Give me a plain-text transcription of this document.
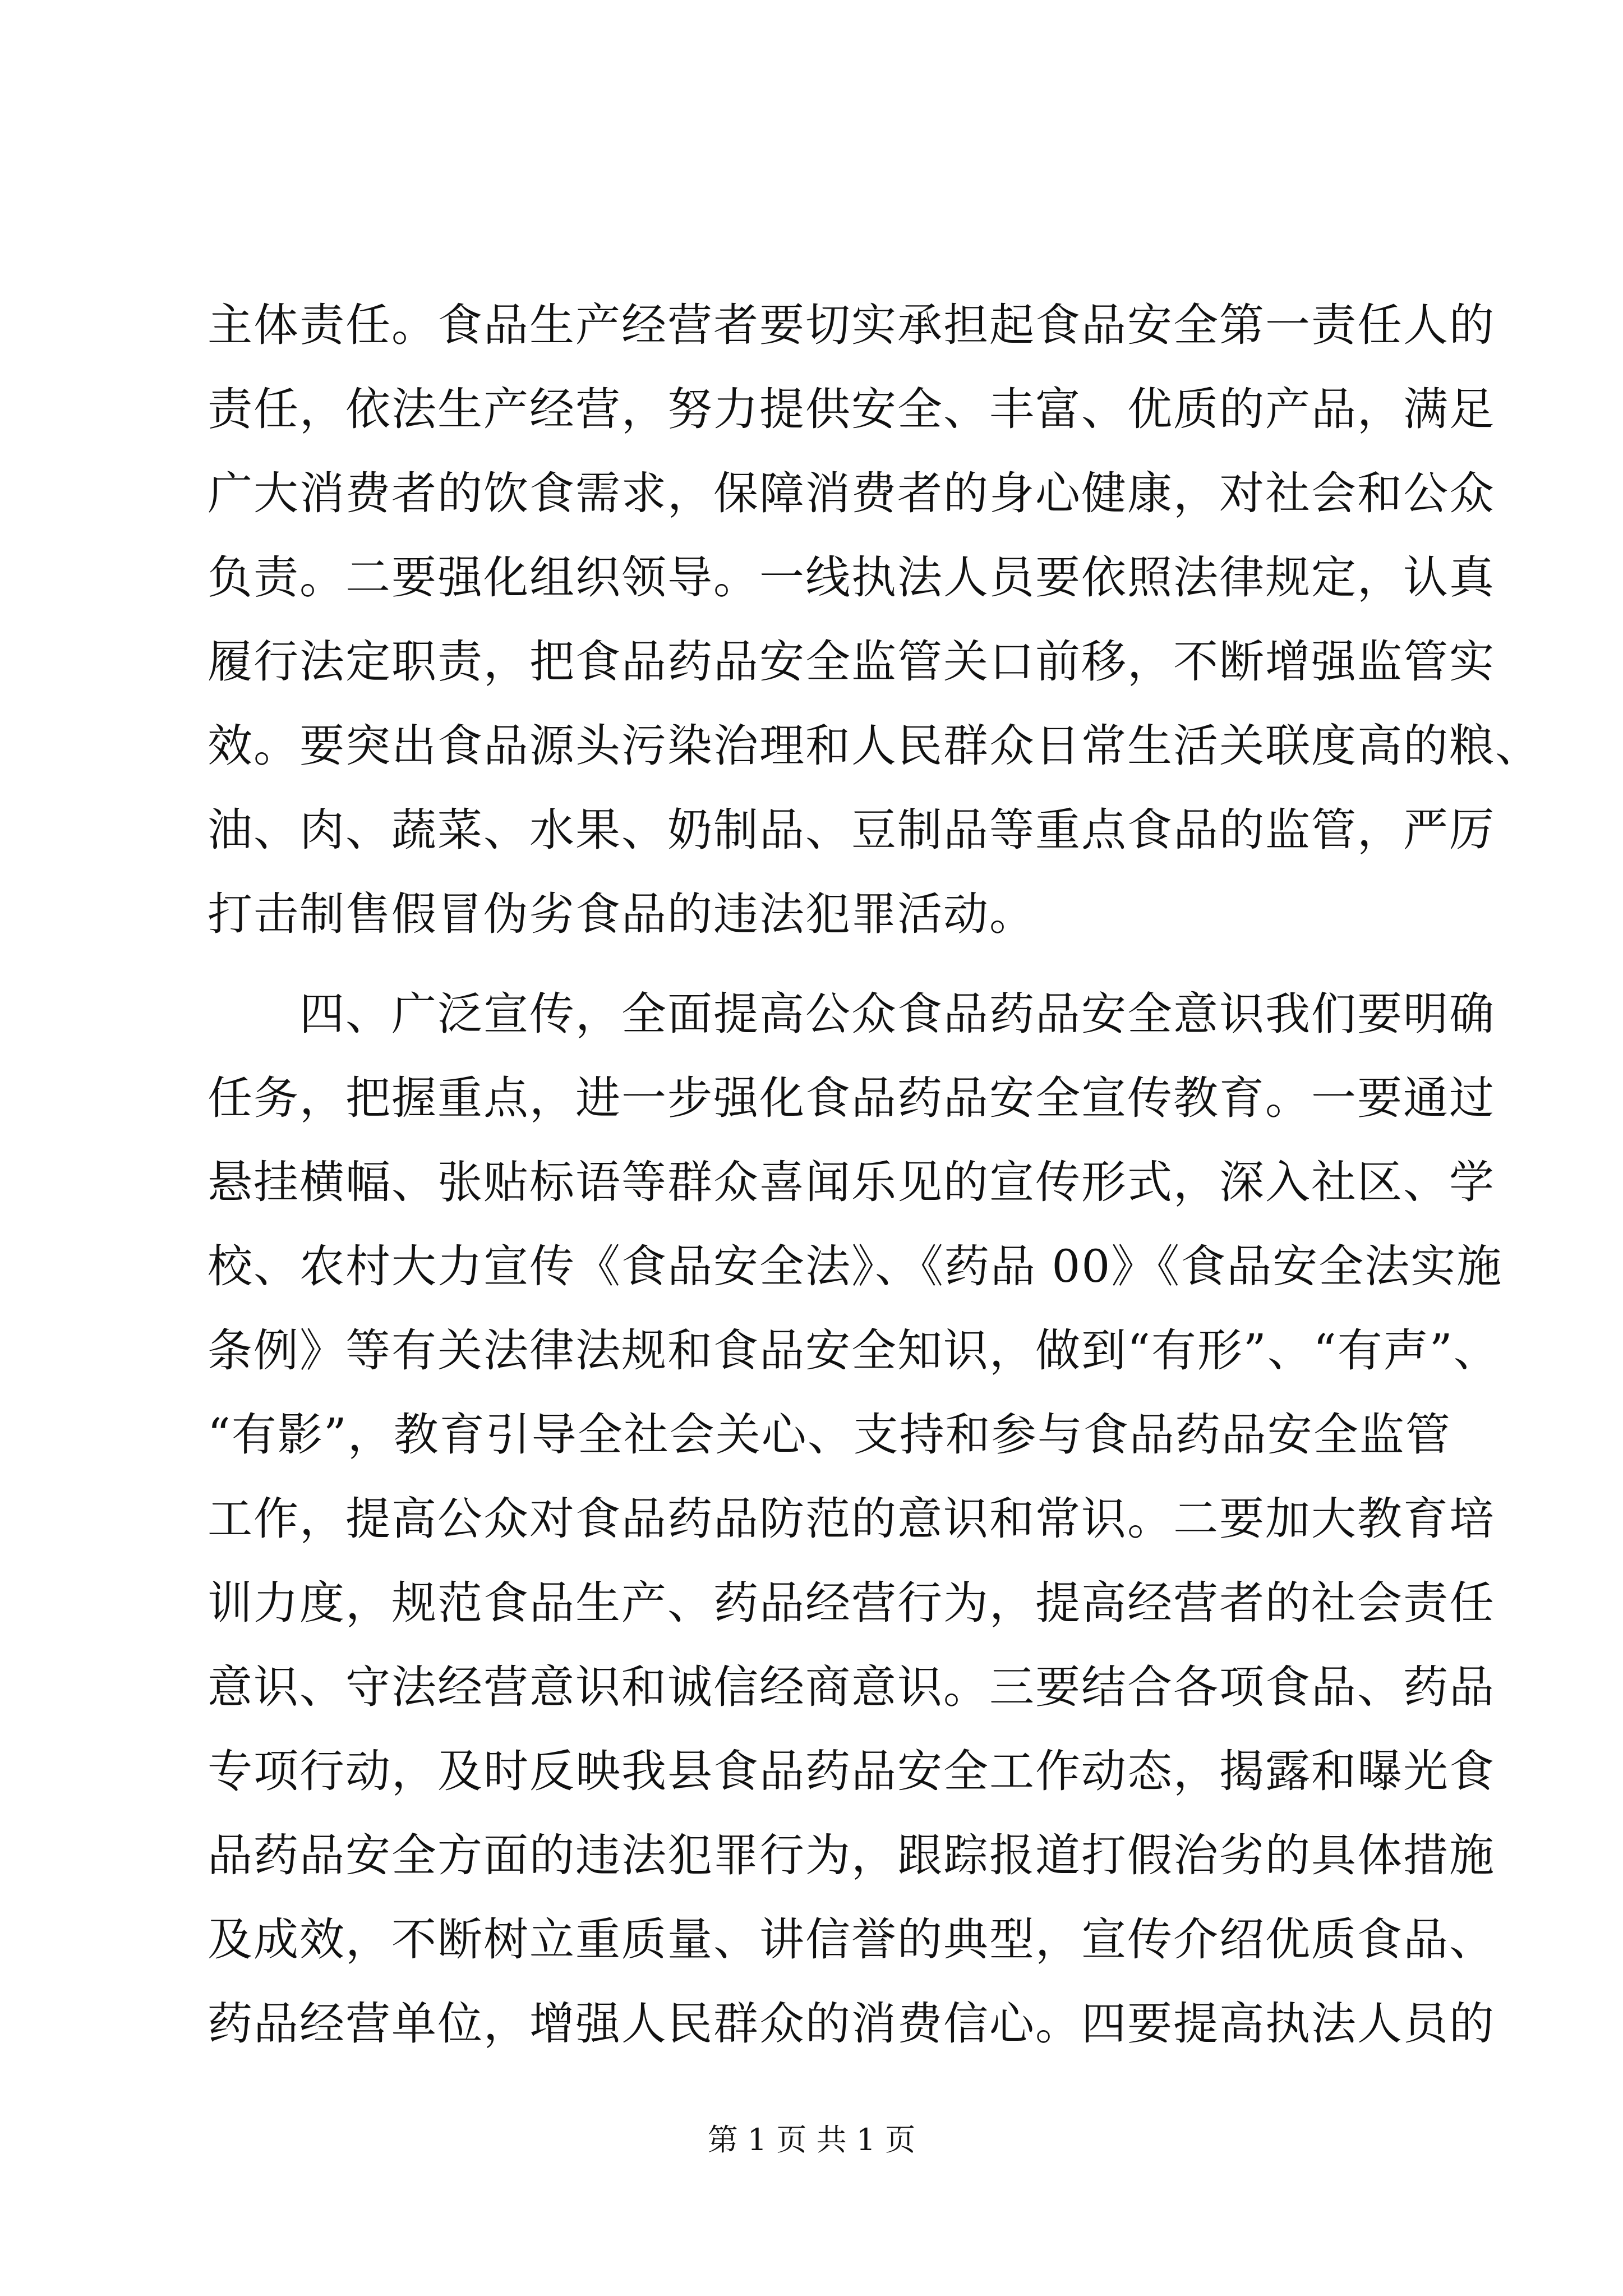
主体责任。食品生产经营者要切实承担起食品安全第一责任人的
责任，依法生产经营，努力提供安全、丰富、优质的产品，满足
广大消费者的饮食需求，保障消费者的身心健康，对社会和公众
负责。二要强化组织领导。一线执法人员要依照法律规定，认真
履行法定职责，把食品药品安全监管关口前移，不断增强监管实
效。要突出食品源头污染治理和人民群众日常生活关联度高的粮、
油、肉、蔬菜、水果、奶制品、豆制品等重点食品的监管，严厉
打击制售假冒伪劣食品的违法犯罪活动。
　　四、广泛宣传，全面提高公众食品药品安全意识我们要明确
任务，把握重点，进一步强化食品药品安全宣传教育。一要通过
悬挂横幅、张贴标语等群众喜闻乐见的宣传形式，深入社区、学
校、农村大力宣传《食品安全法》、《药品 00》《食品安全法实施
条例》等有关法律法规和食品安全知识，做到“有形”、“有声”、
“有影”，教育引导全社会关心、支持和参与食品药品安全监管
工作，提高公众对食品药品防范的意识和常识。二要加大教育培
训力度，规范食品生产、药品经营行为，提高经营者的社会责任
意识、守法经营意识和诚信经商意识。三要结合各项食品、药品
专项行动，及时反映我县食品药品安全工作动态，揭露和曝光食
品药品安全方面的违法犯罪行为，跟踪报道打假治劣的具体措施
及成效，不断树立重质量、讲信誉的典型，宣传介绍优质食品、
药品经营单位，增强人民群众的消费信心。四要提高执法人员的
第 1 页 共 1 页
